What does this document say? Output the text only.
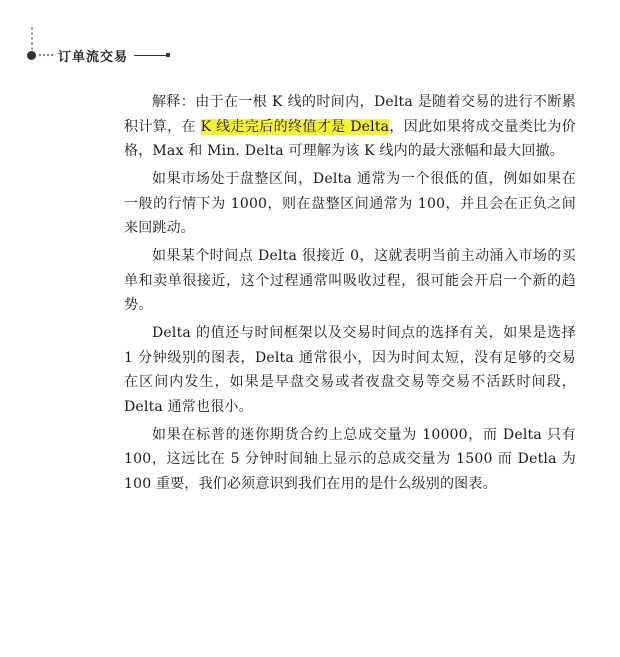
订单流交易

解释：由于在一根 K 线的时间内，Delta 是随着交易的进行不断累积计算，在 K 线走完后的终值才是 Delta，因此如果将成交量类比为价格，Max 和 Min. Delta 可理解为该 K 线内的最大涨幅和最大回撤。

如果市场处于盘整区间，Delta 通常为一个很低的值，例如如果在一般的行情下为 1000，则在盘整区间通常为 100，并且会在正负之间来回跳动。

如果某个时间点 Delta 很接近 0，这就表明当前主动涌入市场的买单和卖单很接近，这个过程通常叫吸收过程，很可能会开启一个新的趋势。

Delta 的值还与时间框架以及交易时间点的选择有关，如果是选择 1 分钟级别的图表，Delta 通常很小，因为时间太短，没有足够的交易在区间内发生，如果是早盘交易或者夜盘交易等交易不活跃时间段，Delta 通常也很小。

如果在标普的迷你期货合约上总成交量为 10000，而 Delta 只有 100，这远比在 5 分钟时间轴上显示的总成交量为 1500 而 Detla 为 100 重要，我们必须意识到我们在用的是什么级别的图表。
